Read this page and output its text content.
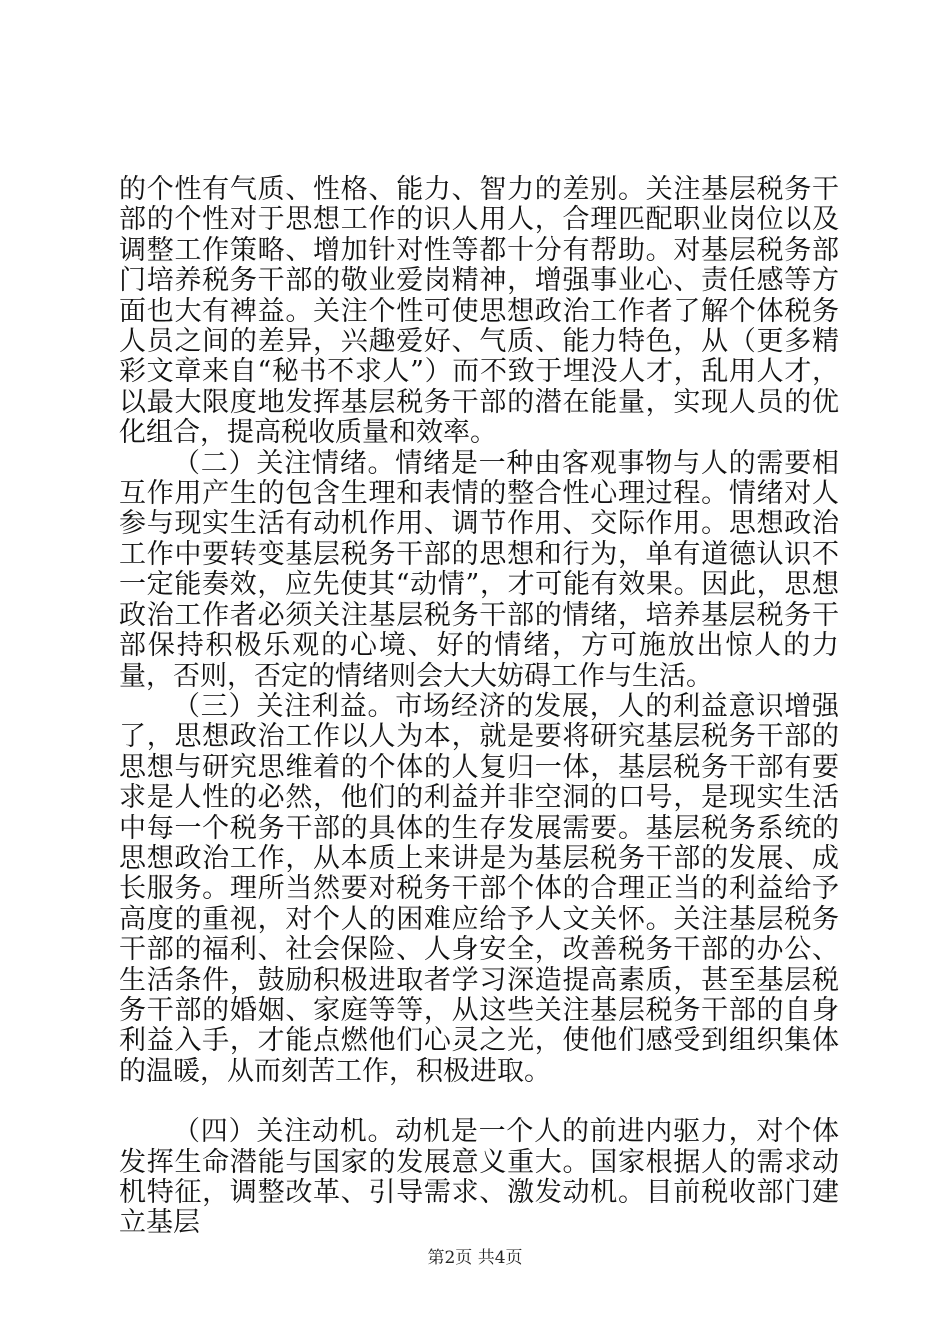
的个性有气质、性格、能力、智力的差别。关注基层税务干部的个性对于思想工作的识人用人，合理匹配职业岗位以及调整工作策略、增加针对性等都十分有帮助。对基层税务部门培养税务干部的敬业爱岗精神，增强事业心、责任感等方面也大有裨益。关注个性可使思想政治工作者了解个体税务人员之间的差异，兴趣爱好、气质、能力特色，从（更多精彩文章来自“秘书不求人”）而不致于埋没人才，乱用人才，以最大限度地发挥基层税务干部的潜在能量，实现人员的优化组合，提高税收质量和效率。

（二）关注情绪。情绪是一种由客观事物与人的需要相互作用产生的包含生理和表情的整合性心理过程。情绪对人参与现实生活有动机作用、调节作用、交际作用。思想政治工作中要转变基层税务干部的思想和行为，单有道德认识不一定能奏效，应先使其“动情”，才可能有效果。因此，思想政治工作者必须关注基层税务干部的情绪，培养基层税务干部保持积极乐观的心境、好的情绪，方可施放出惊人的力量，否则，否定的情绪则会大大妨碍工作与生活。

（三）关注利益。市场经济的发展，人的利益意识增强了，思想政治工作以人为本，就是要将研究基层税务干部的思想与研究思维着的个体的人复归一体，基层税务干部有要求是人性的必然，他们的利益并非空洞的口号，是现实生活中每一个税务干部的具体的生存发展需要。基层税务系统的思想政治工作，从本质上来讲是为基层税务干部的发展、成长服务。理所当然要对税务干部个体的合理正当的利益给予高度的重视，对个人的困难应给予人文关怀。关注基层税务干部的福利、社会保险、人身安全，改善税务干部的办公、生活条件，鼓励积极进取者学习深造提高素质，甚至基层税务干部的婚姻、家庭等等，从这些关注基层税务干部的自身利益入手，才能点燃他们心灵之光，使他们感受到组织集体的温暖，从而刻苦工作，积极进取。

（四）关注动机。动机是一个人的前进内驱力，对个体发挥生命潜能与国家的发展意义重大。国家根据人的需求动机特征，调整改革、引导需求、激发动机。目前税收部门建立基层

第2页 共4页
